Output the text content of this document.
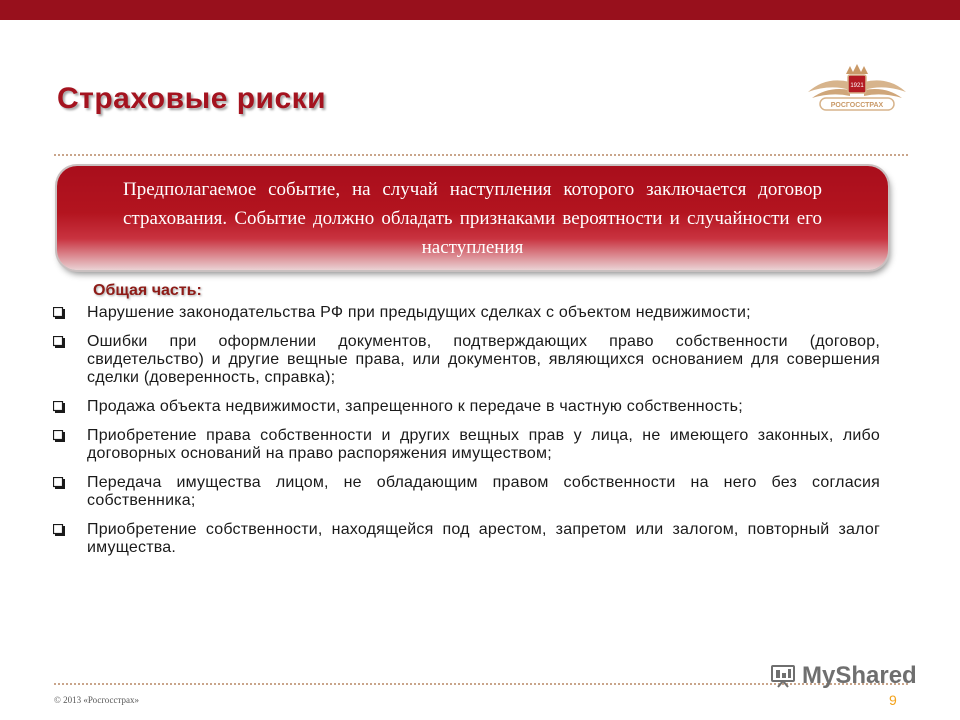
Страховые риски	1921
РОСГОССТРАХ

Предполагаемое событие, на случай наступления которого заключается договор страхования. Событие должно обладать признаками вероятности и случайности его наступления

Общая часть:

Нарушение законодательства РФ при предыдущих сделках с объектом недвижимости;
Ошибки при оформлении документов, подтверждающих право собственности (договор, свидетельство) и другие вещные права, или документов, являющихся основанием для совершения сделки (доверенность, справка);
Продажа объекта недвижимости, запрещенного к передаче в частную собственность;
Приобретение права собственности и других вещных прав у лица, не имеющего законных, либо договорных оснований на право распоряжения имуществом;
Передача имущества лицом, не обладающим правом собственности на него без согласия собственника;
Приобретение собственности, находящейся под арестом, запретом или залогом, повторный залог имущества.

© 2013 «Росгосстрах»

MyShared

9
